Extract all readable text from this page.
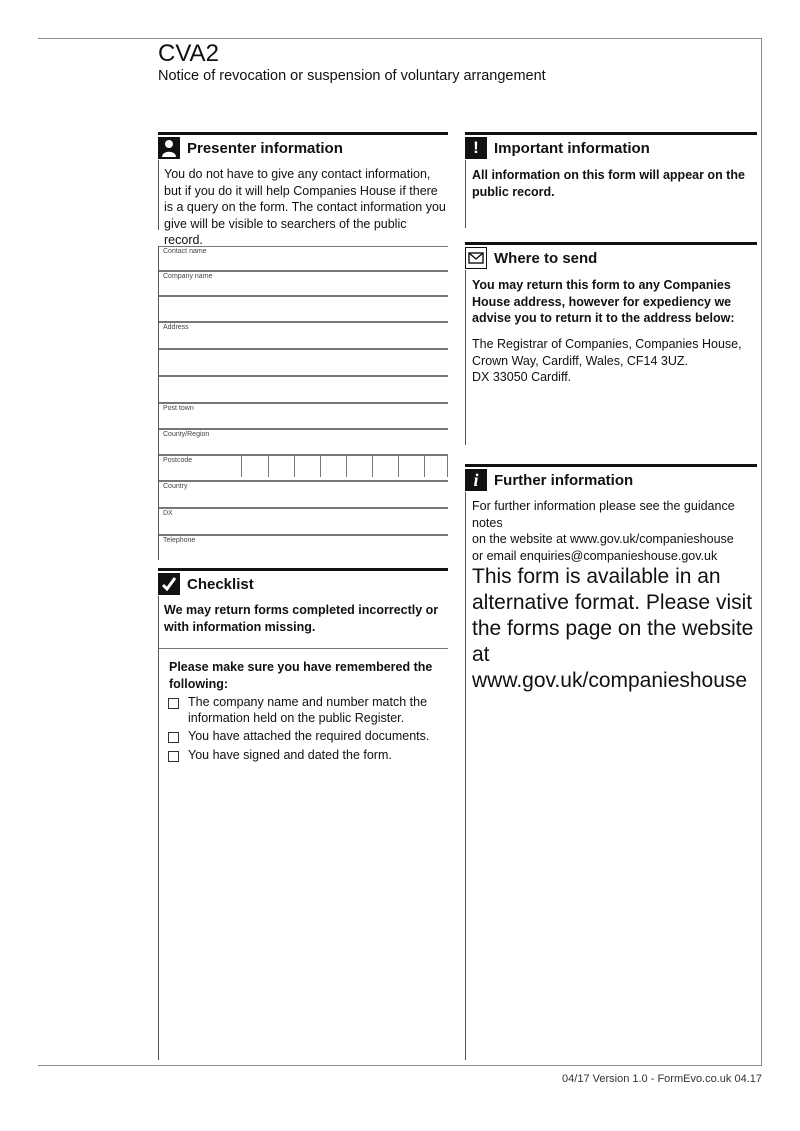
CVA2
Notice of revocation or suspension of voluntary arrangement
Presenter information
You do not have to give any contact information, but if you do it will help Companies House if there is a query on the form. The contact information you give will be visible to searchers of the public record.
Contact name
Company name
Address
Post town
County/Region
Postcode
Country
DX
Telephone
Checklist
We may return forms completed incorrectly or with information missing.
Please make sure you have remembered the following:
The company name and number match the information held on the public Register.
You have attached the required documents.
You have signed and dated the form.
!	Important information
All information on this form will appear on the public record.
Where to send
You may return this form to any Companies House address, however for expediency we advise you to return it to the address below:
The Registrar of Companies, Companies House,
Crown Way, Cardiff, Wales, CF14 3UZ.
DX 33050 Cardiff.
i	Further information
For further information please see the guidance notes
on the website at www.gov.uk/companieshouse
or email enquiries@companieshouse.gov.uk
This form is available in an alternative format. Please visit the forms page on the website at www.gov.uk/companieshouse
04/17 Version 1.0 - FormEvo.co.uk 04.17
